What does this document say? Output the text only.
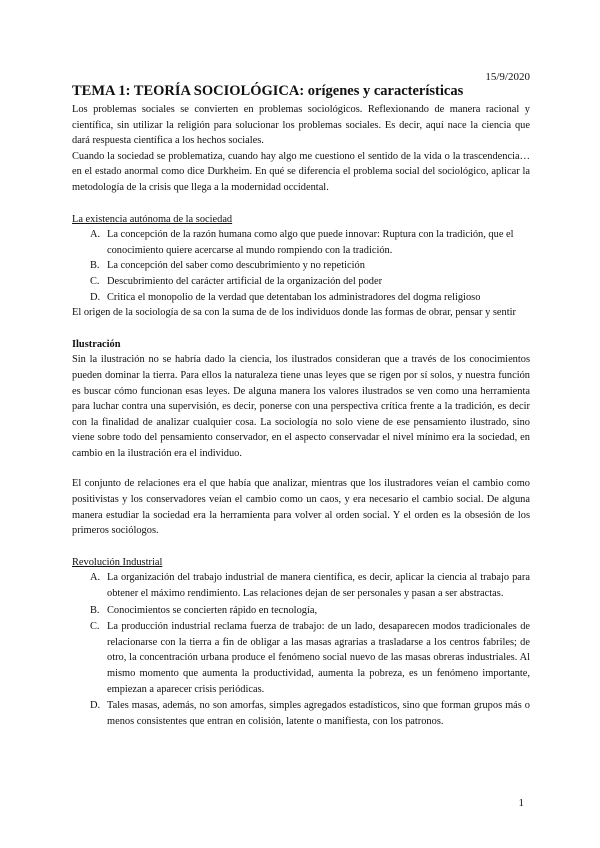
15/9/2020
TEMA 1: TEORÍA SOCIOLÓGICA: orígenes y características

Los problemas sociales se convierten en problemas sociológicos. Reflexionando de manera racional y científica, sin utilizar la religión para solucionar los problemas sociales. Es decir, aquí nace la ciencia que dará respuesta científica a los hechos sociales.

Cuando la sociedad se problematiza, cuando hay algo me cuestiono el sentido de la vida o la trascendencia… en el estado anormal como dice Durkheim. En qué se diferencia el problema social del sociológico, aplicar la metodología de la crisis que llega a la modernidad occidental.

La existencia autónoma de la sociedad

A. La concepción de la razón humana como algo que puede innovar: Ruptura con la tradición, que el conocimiento quiere acercarse al mundo rompiendo con la tradición.
B. La concepción del saber como descubrimiento y no repetición
C. Descubrimiento del carácter artificial de la organización del poder
D. Critica el monopolio de la verdad que detentaban los administradores del dogma religioso

El origen de la sociología de sa con la suma de de los individuos donde las formas de obrar, pensar y sentir

Ilustración

Sin la ilustración no se habría dado la ciencia, los ilustrados consideran que a través de los conocimientos pueden dominar la tierra. Para ellos la naturaleza tiene unas leyes que se rigen por sí solos, y nuestra función es buscar cómo funcionan esas leyes. De alguna manera los valores ilustrados se ven como una herramienta para luchar contra una supervisión, es decir, ponerse con una perspectiva crítica frente a la tradición, es decir con la finalidad de analizar cualquier cosa. La sociología no solo viene de ese pensamiento ilustrado, sino viene sobre todo del pensamiento conservador, en el aspecto conservadar el nivel mínimo era la sociedad, en cambio en la ilustración era el individuo.

El conjunto de relaciones era el que había que analizar, mientras que los ilustradores veían el cambio como positivistas y los conservadores veían el cambio como un caos, y era necesario el cambio social. De alguna manera estudiar la sociedad era la herramienta para volver al orden social. Y el orden es la obsesión de los primeros sociólogos.

Revolución Industrial

A. La organización del trabajo industrial de manera científica, es decir, aplicar la ciencia al trabajo para obtener el máximo rendimiento. Las relaciones dejan de ser personales y pasan a ser abstractas.
B. Conocimientos se concierten rápido en tecnología,
C. La producción industrial reclama fuerza de trabajo: de un lado, desaparecen modos tradicionales de relacionarse con la tierra a fin de obligar a las masas agrarias a trasladarse a los centros fabriles; de otro, la concentración urbana produce el fenómeno social nuevo de las masas obreras industriales. Al mismo momento que aumenta la productividad, aumenta la pobreza, es un fenómeno importante, empiezan a aparecer crisis periódicas.
D. Tales masas, además, no son amorfas, simples agregados estadísticos, sino que forman grupos más o menos consistentes que entran en colisión, latente o manifiesta, con los patronos.
1
